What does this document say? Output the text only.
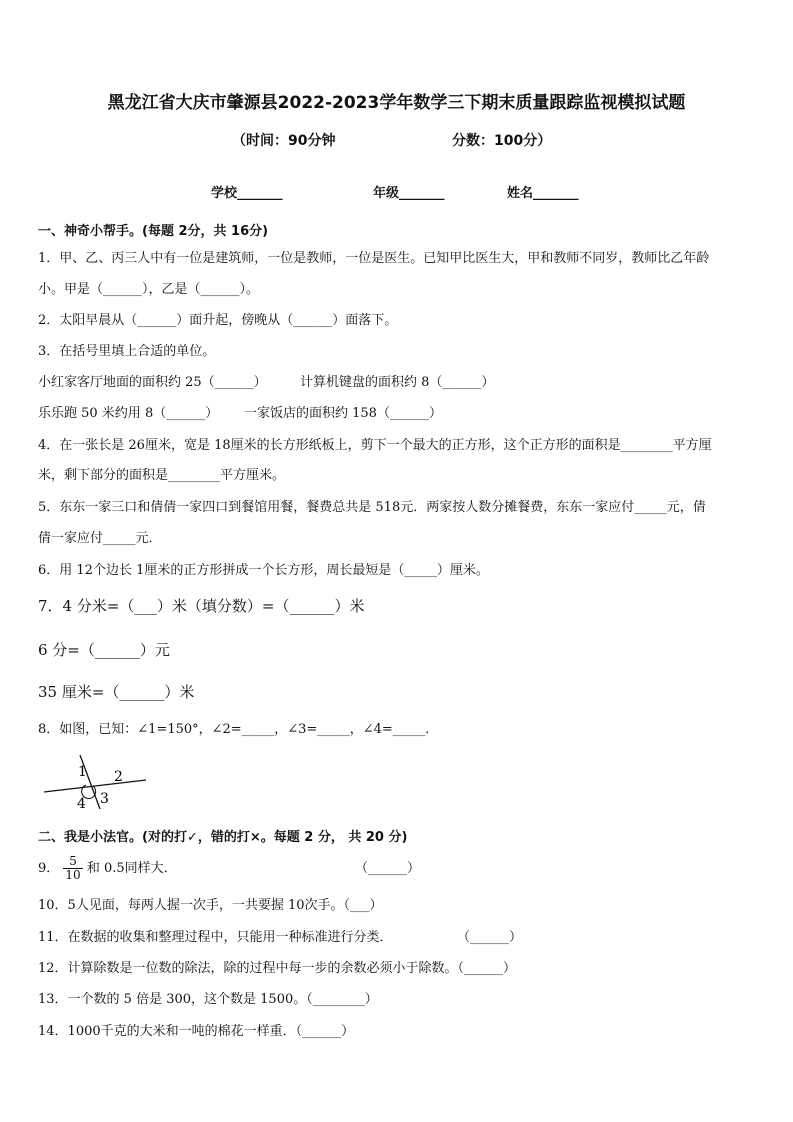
黑龙江省大庆市肇源县2022-2023学年数学三下期末质量跟踪监视模拟试题
（时间：90分钟	分数：100分）
学校_______	年级_______	姓名_______
一、神奇小帮手。(每题 2分，共 16分)
1．甲、乙、丙三人中有一位是建筑师，一位是教师，一位是医生。已知甲比医生大，甲和教师不同岁，教师比乙年龄
小。甲是（______），乙是（______）。
2．太阳早晨从（______）面升起，傍晚从（______）面落下。
3．在括号里填上合适的单位。
小红家客厅地面的面积约 25（______）	计算机键盘的面积约 8（______）
乐乐跑 50 米约用 8（______） 一家饭店的面积约 158（______）
4．在一张长是 26厘米，宽是 18厘米的长方形纸板上，剪下一个最大的正方形，这个正方形的面积是________平方厘
米，剩下部分的面积是________平方厘米。
5．东东一家三口和倩倩一家四口到餐馆用餐，餐费总共是 518元．两家按人数分摊餐费，东东一家应付_____元，倩
倩一家应付_____元．
6．用 12个边长 1厘米的正方形拼成一个长方形，周长最短是（_____）厘米。
7．4 分米=（___）米（填分数）=（______）米
6 分=（______）元
35 厘米=（______）米
8．如图，已知：∠1=150°，∠2=_____，∠3=_____，∠4=_____．
1 2
4 3
二、我是小法官。(对的打✓，错的打×。每题 2 分， 共 20 分)
9． $\frac{5}{10}$ 和 0.5同样大．	（______）
10．5人见面，每两人握一次手，一共要握 10次手。（___）
11．在数据的收集和整理过程中，只能用一种标准进行分类．	（______）
12．计算除数是一位数的除法，除的过程中每一步的余数必须小于除数。（______）
13．一个数的 5 倍是 300，这个数是 1500。（________）
14．1000千克的大米和一吨的棉花一样重．（______）
